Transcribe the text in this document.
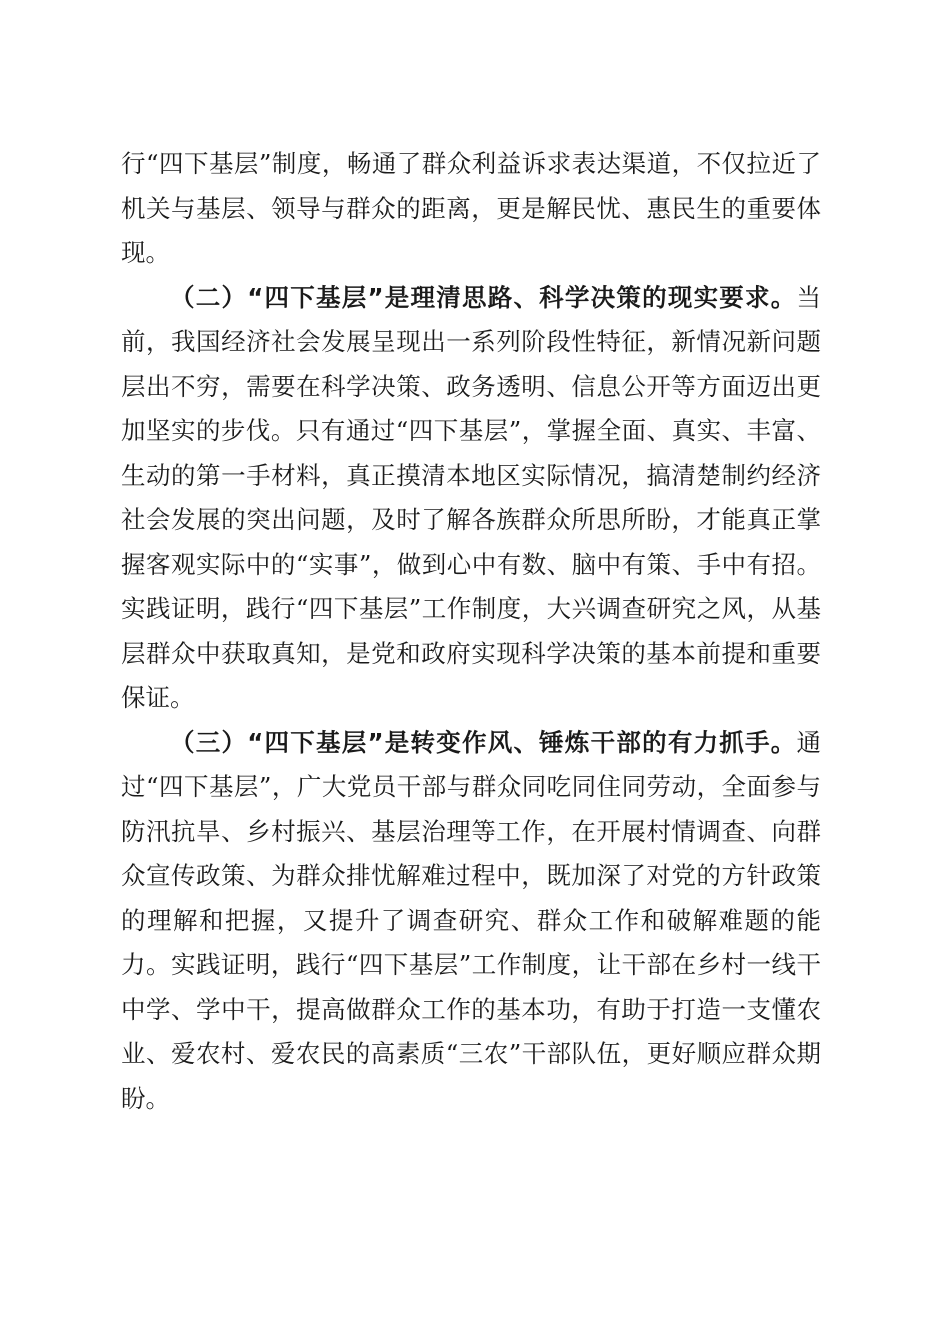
行“四下基层”制度，畅通了群众利益诉求表达渠道，不仅拉近了机关与基层、领导与群众的距离，更是解民忧、惠民生的重要体现。

（二）“四下基层”是理清思路、科学决策的现实要求。当前，我国经济社会发展呈现出一系列阶段性特征，新情况新问题层出不穷，需要在科学决策、政务透明、信息公开等方面迈出更加坚实的步伐。只有通过“四下基层”，掌握全面、真实、丰富、生动的第一手材料，真正摸清本地区实际情况，搞清楚制约经济社会发展的突出问题，及时了解各族群众所思所盼，才能真正掌握客观实际中的“实事”，做到心中有数、脑中有策、手中有招。实践证明，践行“四下基层”工作制度，大兴调查研究之风，从基层群众中获取真知，是党和政府实现科学决策的基本前提和重要保证。

（三）“四下基层”是转变作风、锤炼干部的有力抓手。通过“四下基层”，广大党员干部与群众同吃同住同劳动，全面参与防汛抗旱、乡村振兴、基层治理等工作，在开展村情调查、向群众宣传政策、为群众排忧解难过程中，既加深了对党的方针政策的理解和把握，又提升了调查研究、群众工作和破解难题的能力。实践证明，践行“四下基层”工作制度，让干部在乡村一线干中学、学中干，提高做群众工作的基本功，有助于打造一支懂农业、爱农村、爱农民的高素质“三农”干部队伍，更好顺应群众期盼。
